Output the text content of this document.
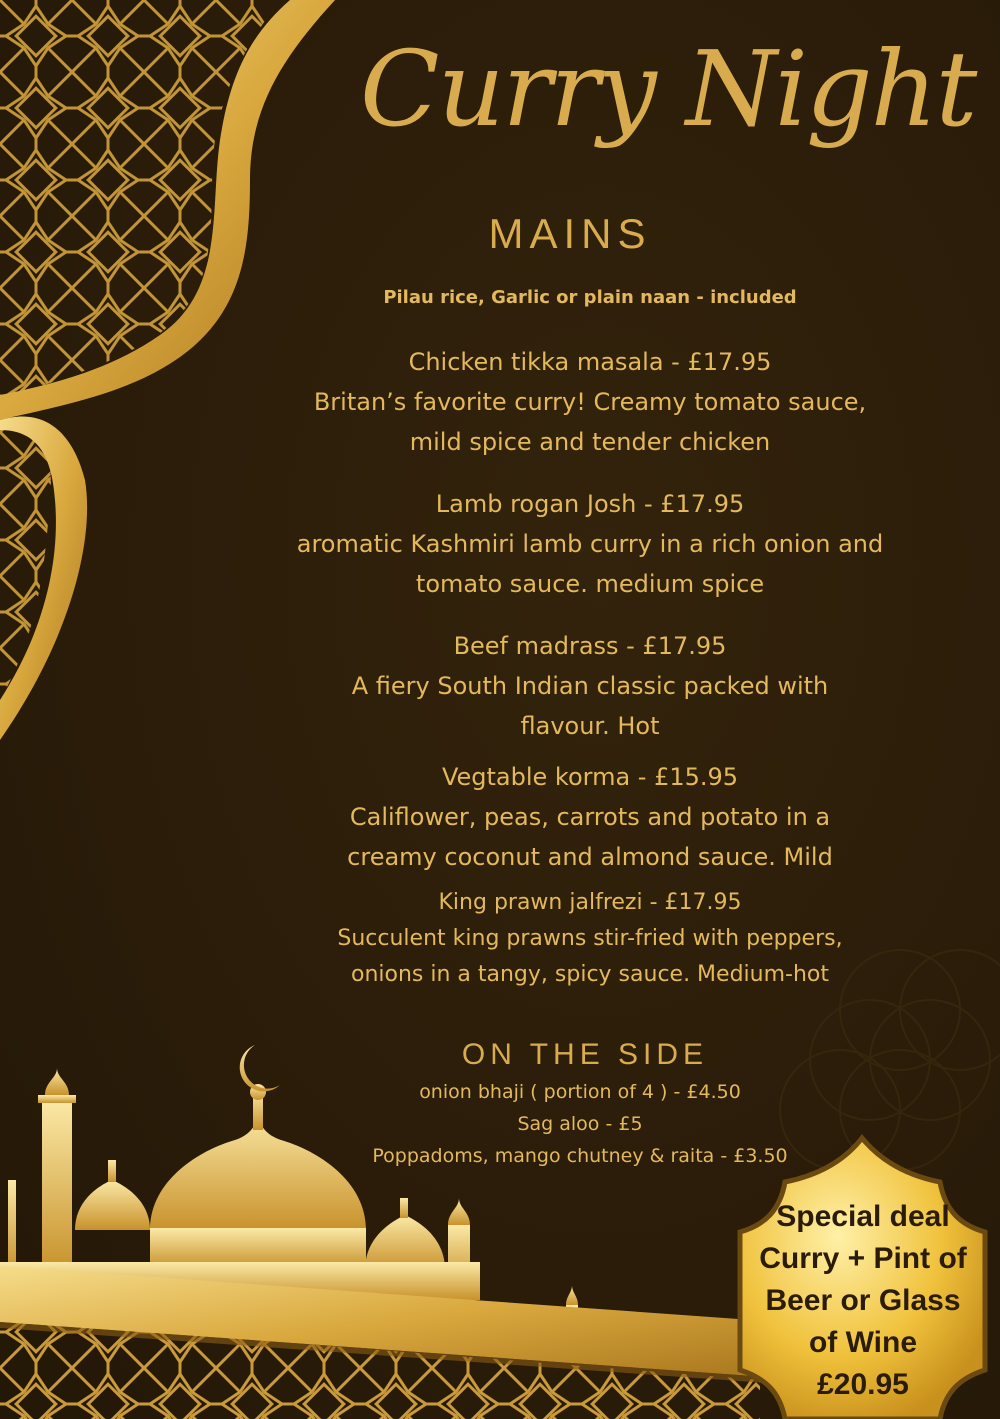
Curry Night
MAINS
Pilau rice, Garlic or plain naan - included
Chicken tikka masala - £17.95
Britan’s favorite curry! Creamy tomato sauce,
mild spice and tender chicken
Lamb rogan Josh - £17.95
aromatic Kashmiri lamb curry in a rich onion and
tomato sauce. medium spice
Beef madrass - £17.95
A fiery South Indian classic packed with
flavour. Hot
Vegtable korma - £15.95
Califlower, peas, carrots and potato in a
creamy coconut and almond sauce. Mild
King prawn jalfrezi - £17.95
Succulent king prawns stir-fried with peppers,
onions in a tangy, spicy sauce. Medium-hot
ON THE SIDE
onion bhaji ( portion of 4 ) - £4.50
Sag aloo - £5
Poppadoms, mango chutney & raita - £3.50
Special deal
Curry + Pint of
Beer or Glass
of Wine
£20.95
